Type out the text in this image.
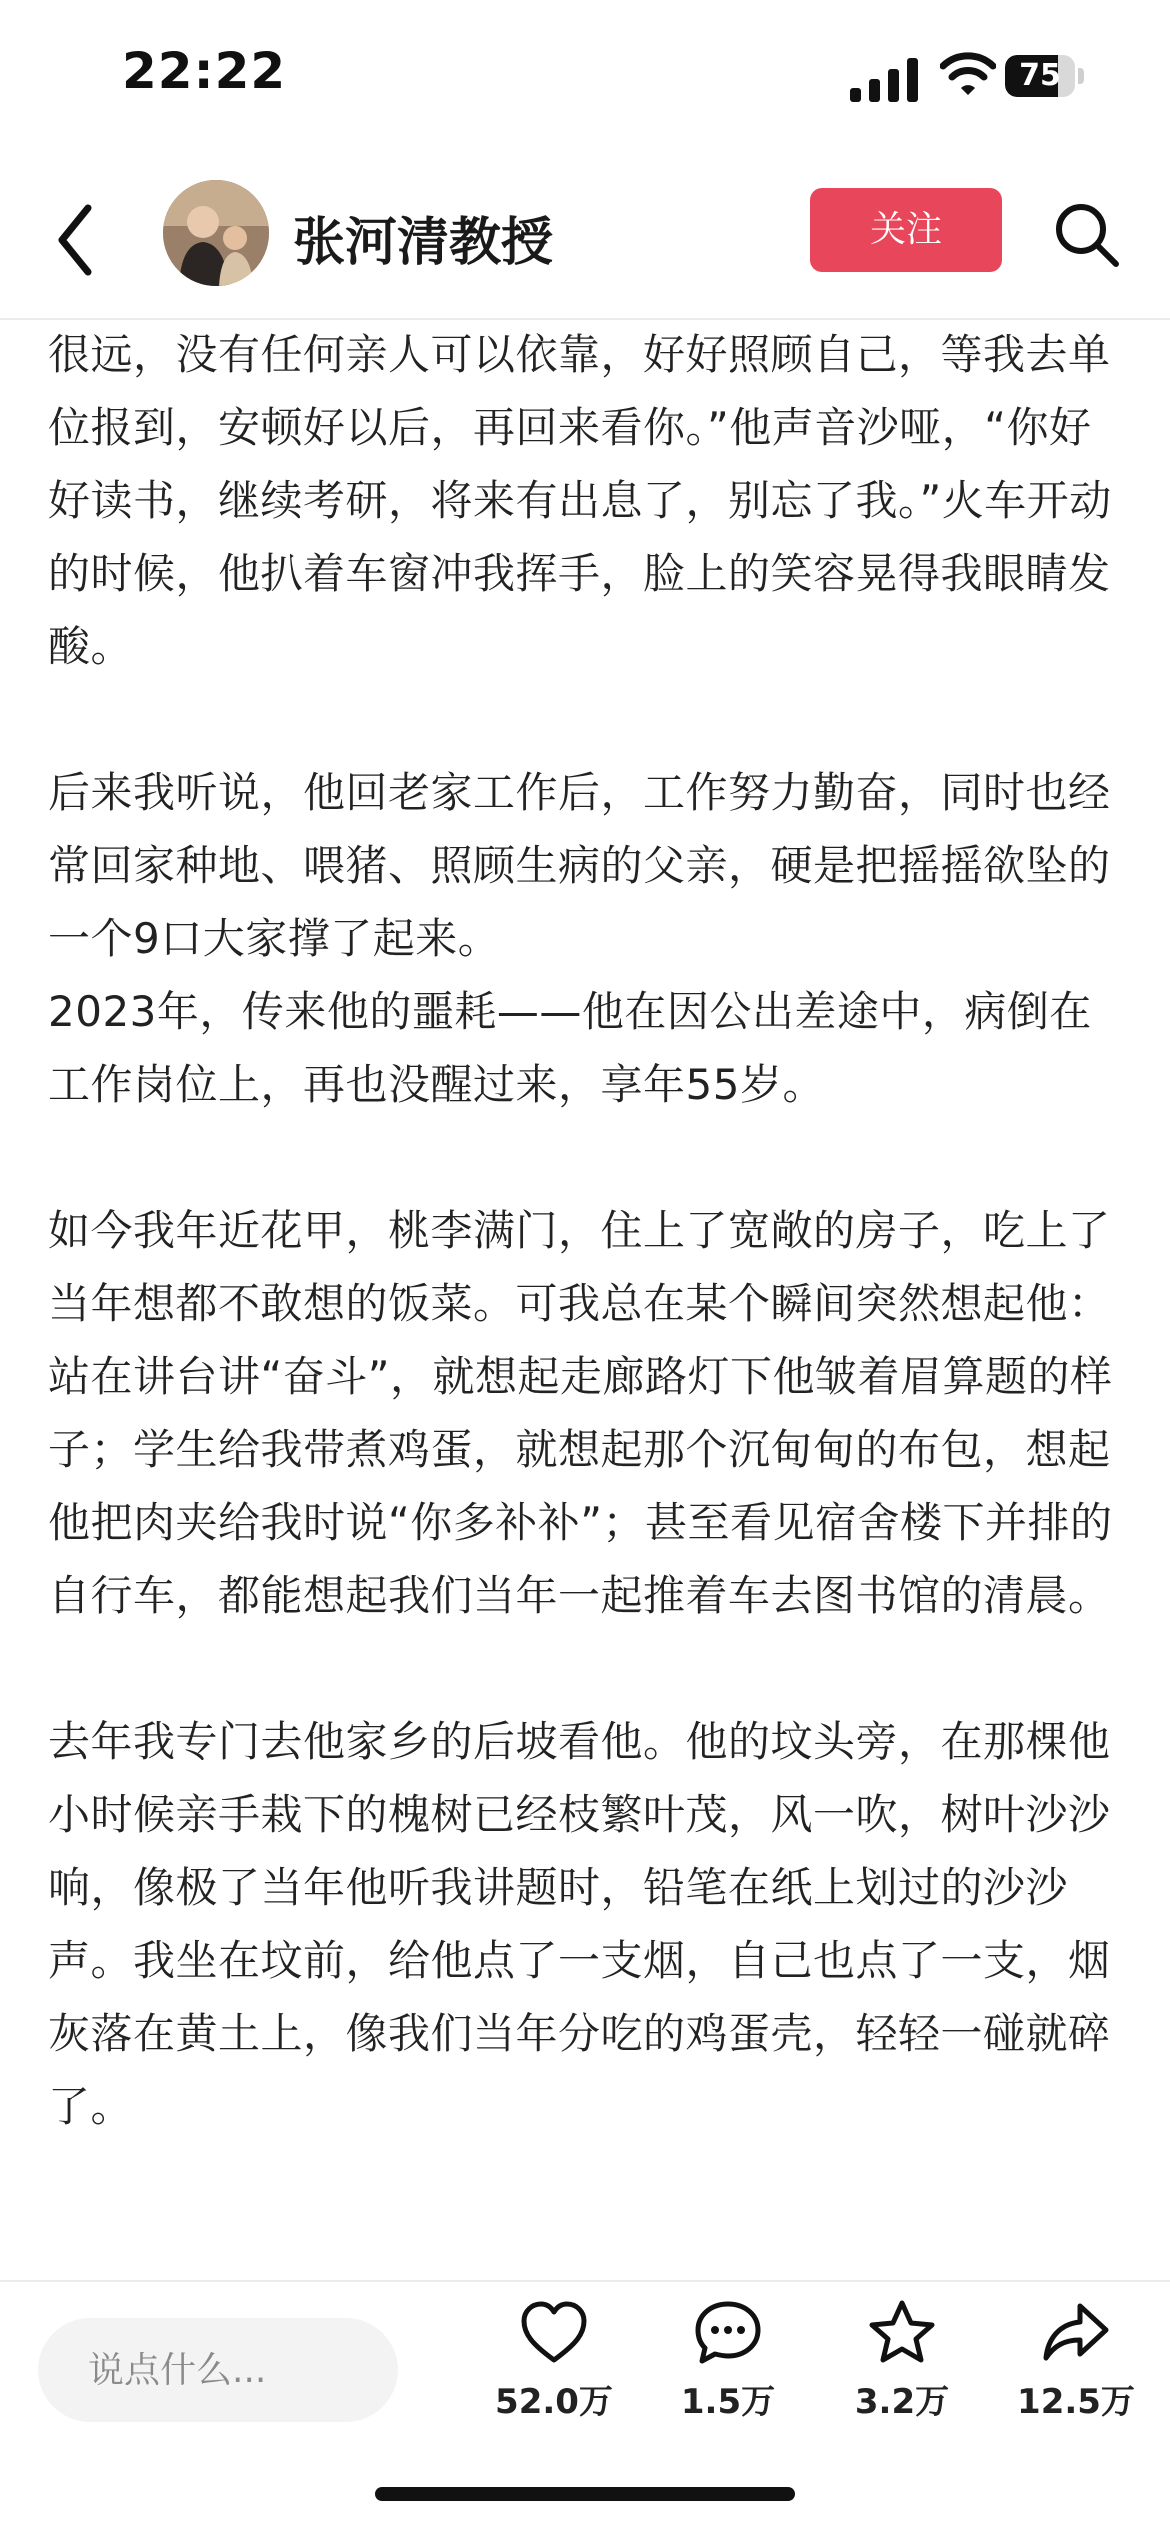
22:22	75
张河清教授	关注

很远，没有任何亲人可以依靠，好好照顾自己，等我去单位报到，安顿好以后，再回来看你。”他声音沙哑，“你好好读书，继续考研，将来有出息了，别忘了我。”火车开动的时候，他扒着车窗冲我挥手，脸上的笑容晃得我眼睛发酸。

后来我听说，他回老家工作后，工作努力勤奋，同时也经常回家种地、喂猪、照顾生病的父亲，硬是把摇摇欲坠的一个9口大家撑了起来。
2023年，传来他的噩耗——他在因公出差途中，病倒在工作岗位上，再也没醒过来，享年55岁。

如今我年近花甲，桃李满门，住上了宽敞的房子，吃上了当年想都不敢想的饭菜。可我总在某个瞬间突然想起他：站在讲台讲“奋斗”，就想起走廊路灯下他皱着眉算题的样子；学生给我带煮鸡蛋，就想起那个沉甸甸的布包，想起他把肉夹给我时说“你多补补”；甚至看见宿舍楼下并排的自行车，都能想起我们当年一起推着车去图书馆的清晨。

去年我专门去他家乡的后坡看他。他的坟头旁，在那棵他小时候亲手栽下的槐树已经枝繁叶茂，风一吹，树叶沙沙响，像极了当年他听我讲题时，铅笔在纸上划过的沙沙声。我坐在坟前，给他点了一支烟，自己也点了一支，烟灰落在黄土上，像我们当年分吃的鸡蛋壳，轻轻一碰就碎了。

说点什么...
52.0万	1.5万	3.2万	12.5万
